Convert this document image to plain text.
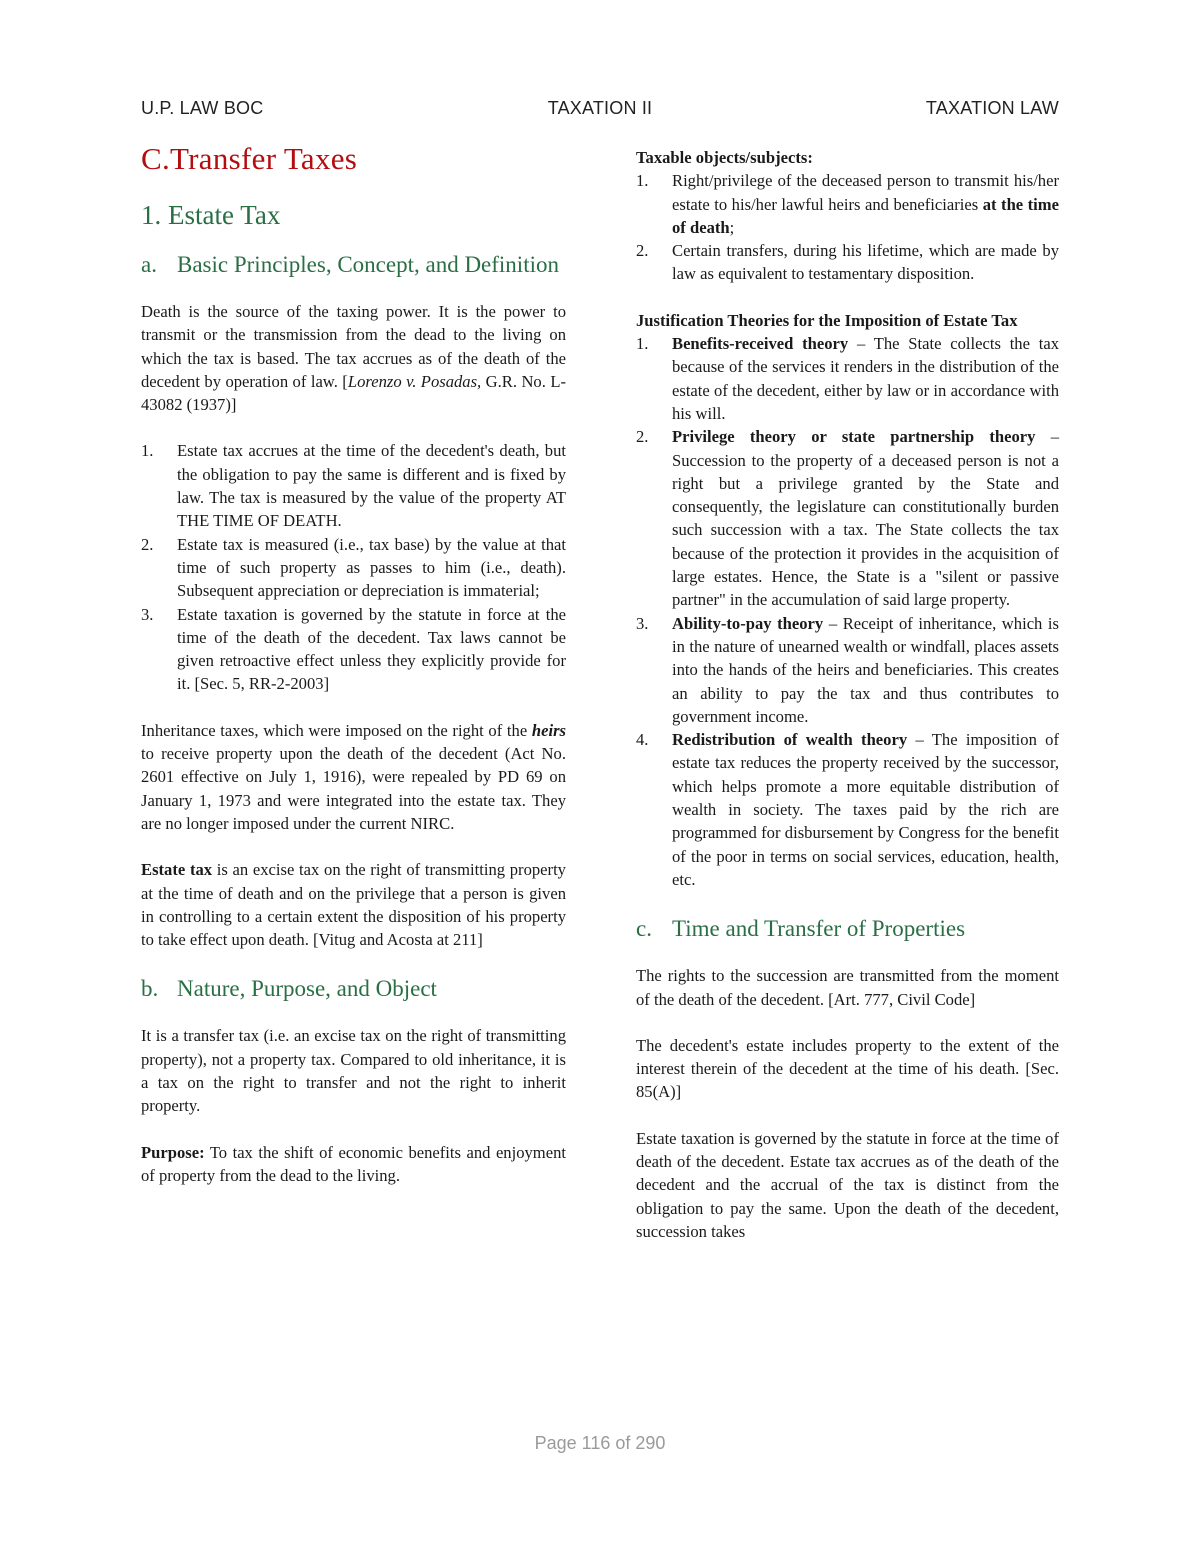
U.P. LAW BOC	TAXATION II	TAXATION LAW
C.Transfer Taxes
1. Estate Tax
a. Basic Principles, Concept, and Definition

Death is the source of the taxing power. It is the power to transmit or the transmission from the dead to the living on which the tax is based. The tax accrues as of the death of the decedent by operation of law. [Lorenzo v. Posadas, G.R. No. L-43082 (1937)]

1.	Estate tax accrues at the time of the decedent's death, but the obligation to pay the same is different and is fixed by law. The tax is measured by the value of the property AT THE TIME OF DEATH.
2.	Estate tax is measured (i.e., tax base) by the value at that time of such property as passes to him (i.e., death). Subsequent appreciation or depreciation is immaterial;
3.	Estate taxation is governed by the statute in force at the time of the death of the decedent. Tax laws cannot be given retroactive effect unless they explicitly provide for it. [Sec. 5, RR-2-2003]

Inheritance taxes, which were imposed on the right of the heirs to receive property upon the death of the decedent (Act No. 2601 effective on July 1, 1916), were repealed by PD 69 on January 1, 1973 and were integrated into the estate tax. They are no longer imposed under the current NIRC.

Estate tax is an excise tax on the right of transmitting property at the time of death and on the privilege that a person is given in controlling to a certain extent the disposition of his property to take effect upon death. [Vitug and Acosta at 211]

b. Nature, Purpose, and Object

It is a transfer tax (i.e. an excise tax on the right of transmitting property), not a property tax. Compared to old inheritance, it is a tax on the right to transfer and not the right to inherit property.

Purpose: To tax the shift of economic benefits and enjoyment of property from the dead to the living.

Taxable objects/subjects:

1.	Right/privilege of the deceased person to transmit his/her estate to his/her lawful heirs and beneficiaries at the time of death;
2.	Certain transfers, during his lifetime, which are made by law as equivalent to testamentary disposition.

Justification Theories for the Imposition of Estate Tax

1.	Benefits-received theory – The State collects the tax because of the services it renders in the distribution of the estate of the decedent, either by law or in accordance with his will.
2.	Privilege theory or state partnership theory – Succession to the property of a deceased person is not a right but a privilege granted by the State and consequently, the legislature can constitutionally burden such succession with a tax. The State collects the tax because of the protection it provides in the acquisition of large estates. Hence, the State is a "silent or passive partner" in the accumulation of said large property.
3.	Ability-to-pay theory – Receipt of inheritance, which is in the nature of unearned wealth or windfall, places assets into the hands of the heirs and beneficiaries. This creates an ability to pay the tax and thus contributes to government income.
4.	Redistribution of wealth theory – The imposition of estate tax reduces the property received by the successor, which helps promote a more equitable distribution of wealth in society. The taxes paid by the rich are programmed for disbursement by Congress for the benefit of the poor in terms on social services, education, health, etc.
c. Time and Transfer of Properties

The rights to the succession are transmitted from the moment of the death of the decedent. [Art. 777, Civil Code]

The decedent's estate includes property to the extent of the interest therein of the decedent at the time of his death. [Sec. 85(A)]

Estate taxation is governed by the statute in force at the time of death of the decedent. Estate tax accrues as of the death of the decedent and the accrual of the tax is distinct from the obligation to pay the same. Upon the death of the decedent, succession takes

Page 116 of 290
